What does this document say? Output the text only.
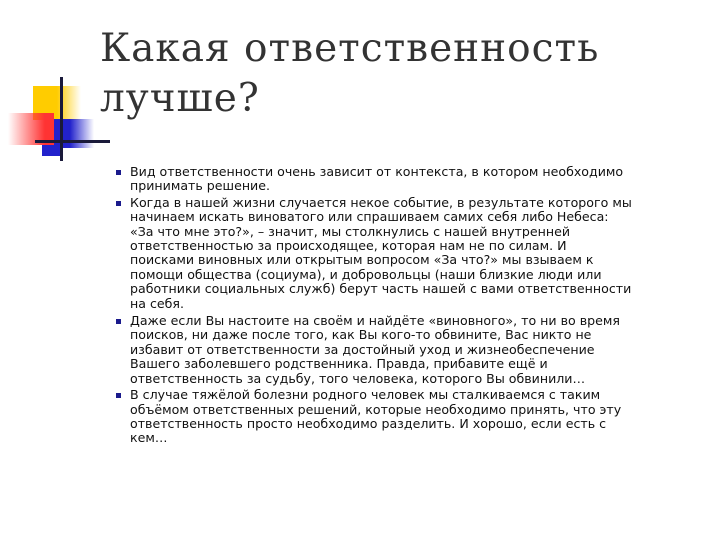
Какая ответственность
лучше?
Вид ответственности очень зависит от контекста, в котором необходимо
принимать решение.
Когда в нашей жизни случается некое событие, в результате которого мы
начинаем искать виноватого или спрашиваем самих себя либо Небеса:
«За что мне это?», – значит, мы столкнулись с нашей внутренней
ответственностью за происходящее, которая нам не по силам. И
поисками виновных или открытым вопросом «За что?» мы взываем к
помощи общества (социума), и добровольцы (наши близкие люди или
работники социальных служб) берут часть нашей с вами ответственности
на себя.
Даже если Вы настоите на своём и найдёте «виновного», то ни во время
поисков, ни даже после того, как Вы кого-то обвините, Вас никто не
избавит от ответственности за достойный уход и жизнеобеспечение
Вашего заболевшего родственника. Правда, прибавите ещё и
ответственность за судьбу, того человека, которого Вы обвинили…
В случае тяжёлой болезни родного человек мы сталкиваемся с таким
объёмом ответственных решений, которые необходимо принять, что эту
ответственность просто необходимо разделить. И хорошо, если есть с
кем…
